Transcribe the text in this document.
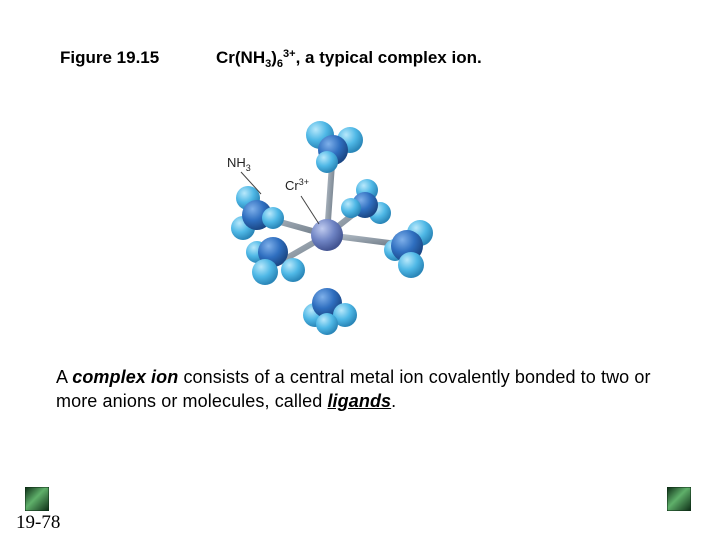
Figure 19.15	$Cr(NH_3)_6^{3+}$, a typical complex ion.
$NH_3$
$Cr^{3+}$
A complex ion consists of a central metal ion covalently bonded to two or more anions or molecules, called ligands.
19-78
